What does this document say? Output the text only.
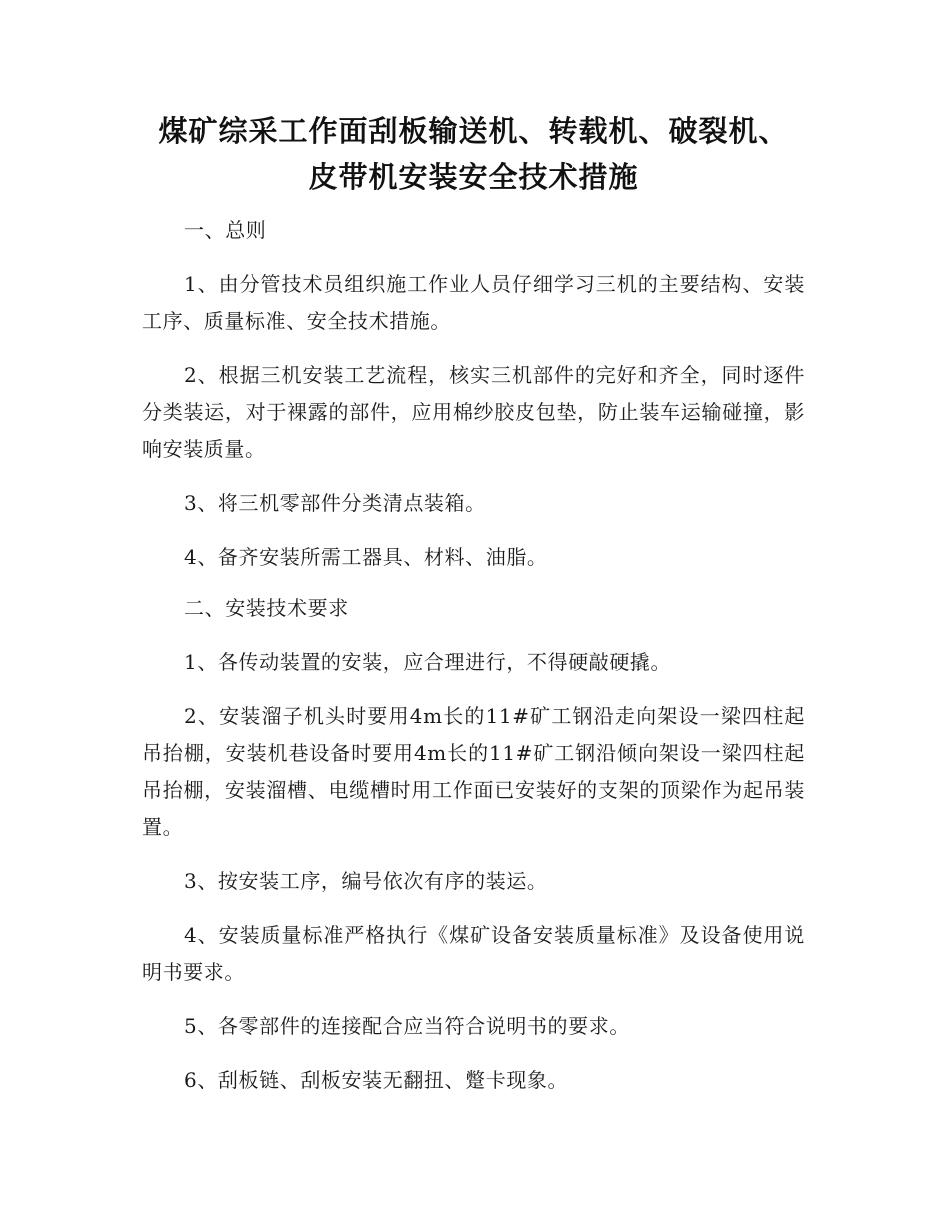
煤矿综采工作面刮板输送机、转载机、破裂机、
皮带机安装安全技术措施

一、总则

1、由分管技术员组织施工作业人员仔细学习三机的主要结构、安装工序、质量标准、安全技术措施。

2、根据三机安装工艺流程，核实三机部件的完好和齐全，同时逐件分类装运，对于裸露的部件，应用棉纱胶皮包垫，防止装车运输碰撞，影响安装质量。

3、将三机零部件分类清点装箱。

4、备齐安装所需工器具、材料、油脂。

二、安装技术要求

1、各传动装置的安装，应合理进行，不得硬敲硬撬。

2、安装溜子机头时要用4m长的11#矿工钢沿走向架设一梁四柱起吊抬棚，安装机巷设备时要用4m长的11#矿工钢沿倾向架设一梁四柱起吊抬棚，安装溜槽、电缆槽时用工作面已安装好的支架的顶梁作为起吊装置。

3、按安装工序，编号依次有序的装运。

4、安装质量标准严格执行《煤矿设备安装质量标准》及设备使用说明书要求。

5、各零部件的连接配合应当符合说明书的要求。

6、刮板链、刮板安装无翻扭、蹩卡现象。
